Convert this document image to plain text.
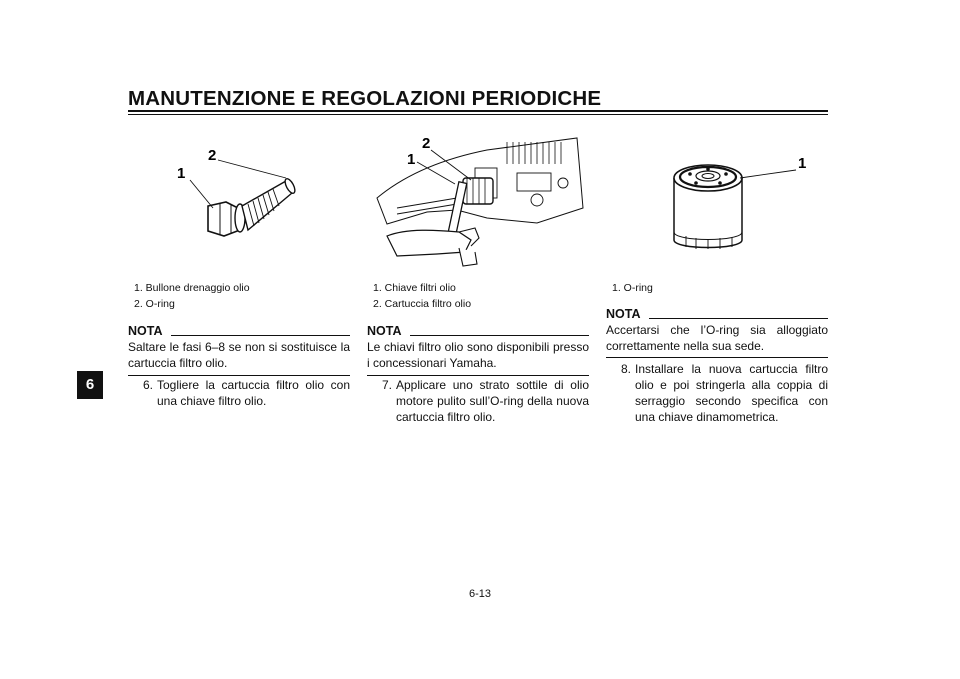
MANUTENZIONE E REGOLAZIONI PERIODICHE
6
1
2
1. Bullone drenaggio olio
2. O-ring
NOTA
Saltare le fasi 6–8 se non si sostituisce la cartuccia filtro olio.
6. Togliere la cartuccia filtro olio con una chiave filtro olio.
1
2
1. Chiave filtri olio
2. Cartuccia filtro olio
NOTA
Le chiavi filtro olio sono disponibili presso i concessionari Yamaha.
7. Applicare uno strato sottile di olio motore pulito sull’O-ring della nuova cartuccia filtro olio.
1
1. O-ring
NOTA
Accertarsi che l’O-ring sia alloggiato correttamente nella sua sede.
8. Installare la nuova cartuccia filtro olio e poi stringerla alla coppia di serraggio secondo specifica con una chiave dinamometrica.
6-13
